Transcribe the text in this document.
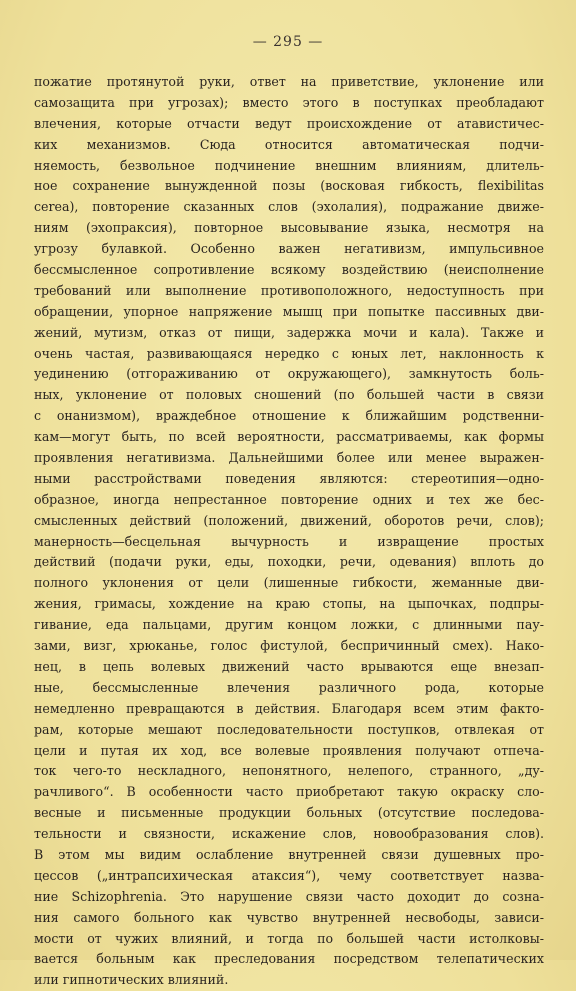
— 295 —
пожатие протянутой руки, ответ на приветствие, уклонение или
самозащита при угрозах); вместо этого в поступках преобладают
влечения, которые отчасти ведут происхождение от атавистичес-
ких механизмов. Сюда относится автоматическая подчи-
няемость, безвольное подчинение внешним влияниям, длитель-
ное сохранение вынужденной позы (восковая гибкость, flexibilitas
cerea), повторение сказанных слов (эхолалия), подражание движе-
ниям (эхопраксия), повторное высовывание языка, несмотря на
угрозу булавкой. Особенно важен негативизм, импульсивное
бессмысленное сопротивление всякому воздействию (неисполнение
требований или выполнение противоположного, недоступность при
обращении, упорное напряжение мышц при попытке пассивных дви-
жений, мутизм, отказ от пищи, задержка мочи и кала). Также и
очень частая, развивающаяся нередко с юных лет, наклонность к
уединению (отгораживанию от окружающего), замкнутость боль-
ных, уклонение от половых сношений (по большей части в связи
с онанизмом), враждебное отношение к ближайшим родственни-
кам—могут быть, по всей вероятности, рассматриваемы, как формы
проявления негативизма. Дальнейшими более или менее выражен-
ными расстройствами поведения являются: стереотипия—одно-
образное, иногда непрестанное повторение одних и тех же бес-
смысленных действий (положений, движений, оборотов речи, слов);
манерность—бесцельная вычурность и извращение простых
действий (подачи руки, еды, походки, речи, одевания) вплоть до
полного уклонения от цели (лишенные гибкости, жеманные дви-
жения, гримасы, хождение на краю стопы, на цыпочках, подпры-
гивание, еда пальцами, другим концом ложки, с длинными пау-
зами, визг, хрюканье, голос фистулой, беспричинный смех). Нако-
нец, в цепь волевых движений часто врываются еще внезап-
ные, бессмысленные влечения различного рода, которые
немедленно превращаются в действия. Благодаря всем этим факто-
рам, которые мешают последовательности поступков, отвлекая от
цели и путая их ход, все волевые проявления получают отпеча-
ток чего-то нескладного, непонятного, нелепого, странного, „ду-
рачливого“. В особенности часто приобретают такую окраску сло-
весные и письменные продукции больных (отсутствие последова-
тельности и связности, искажение слов, новообразования слов).
В этом мы видим ослабление внутренней связи душевных про-
цессов („интрапсихическая атаксия“), чему соответствует назва-
ние Schizophrenia. Это нарушение связи часто доходит до созна-
ния самого больного как чувство внутренней несвободы, зависи-
мости от чужих влияний, и тогда по большей части истолковы-
вается больным как преследования посредством телепатических
или гипнотических влияний.
